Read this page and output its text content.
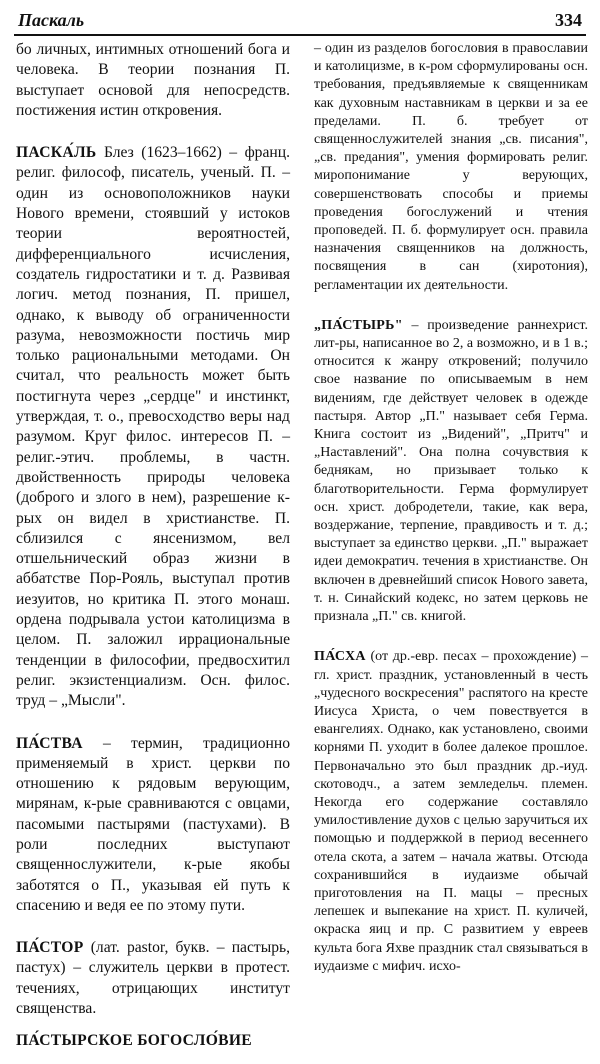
Паскаль	334

бо личных, интимных отношений бога и человека. В теории познания П. выступает основой для непосредств. постижения истин откровения.

ПАСКА́ЛЬ Блез (1623–1662) – франц. религ. философ, писатель, ученый. П. – один из основоположников науки Нового времени, стоявший у истоков теории вероятностей, дифференциального исчисления, создатель гидростатики и т. д. Развивая логич. метод познания, П. пришел, однако, к выводу об ограниченности разума, невозможности постичь мир только рациональными методами. Он считал, что реальность может быть постигнута через „сердце" и инстинкт, утверждая, т. о., превосходство веры над разумом. Круг филос. интересов П. – религ.-этич. проблемы, в частн. двойственность природы человека (доброго и злого в нем), разрешение к-рых он видел в христианстве. П. сблизился с янсенизмом, вел отшельнический образ жизни в аббатстве Пор-Рояль, выступал против иезуитов, но критика П. этого монаш. ордена подрывала устои католицизма в целом. П. заложил иррациональные тенденции в философии, предвосхитил религ. экзистенциализм. Осн. филос. труд – „Мысли".

ПА́СТВА – термин, традиционно применяемый в христ. церкви по отношению к рядовым верующим, мирянам, к-рые сравниваются с овцами, пасомыми пастырями (пастухами). В роли последних выступают священнослужители, к-рые якобы заботятся о П., указывая ей путь к спасению и ведя ее по этому пути.

ПА́СТОР (лат. pastor, букв. – пастырь, пастух) – служитель церкви в протест. течениях, отрицающих институт священства.

ПА́СТЫРСКОЕ БОГОСЛО́ВИЕ

– один из разделов богословия в православии и католицизме, в к-ром сформулированы осн. требования, предъявляемые к священникам как духовным наставникам в церкви и за ее пределами. П. б. требует от священнослужителей знания „св. писания", „св. предания", умения формировать религ. миропонимание у верующих, совершенствовать способы и приемы проведения богослужений и чтения проповедей. П. б. формулирует осн. правила назначения священников на должность, посвящения в сан (хиротония), регламентации их деятельности.

„ПА́СТЫРЬ" – произведение раннехрист. лит-ры, написанное во 2, а возможно, и в 1 в.; относится к жанру откровений; получило свое название по описываемым в нем видениям, где действует человек в одежде пастыря. Автор „П." называет себя Герма. Книга состоит из „Видений", „Притч" и „Наставлений". Она полна сочувствия к беднякам, но призывает только к благотворительности. Герма формулирует осн. христ. добродетели, такие, как вера, воздержание, терпение, правдивость и т. д.; выступает за единство церкви. „П." выражает идеи демократич. течения в христианстве. Он включен в древнейший список Нового завета, т. н. Синайский кодекс, но затем церковь не признала „П." св. книгой.

ПА́СХА (от др.-евр. песах – прохождение) – гл. христ. праздник, установленный в честь „чудесного воскресения" распятого на кресте Иисуса Христа, о чем повествуется в евангелиях. Однако, как установлено, своими корнями П. уходит в более далекое прошлое. Первоначально это был праздник др.-иуд. скотоводч., а затем земледельч. племен. Некогда его содержание составляло умилостивление духов с целью заручиться их помощью и поддержкой в период весеннего отела скота, а затем – начала жатвы. Отсюда сохранившийся в иудаизме обычай приготовления на П. мацы – пресных лепешек и выпекание на христ. П. куличей, окраска яиц и пр. С развитием у евреев культа бога Яхве праздник стал связываться в иудаизме с мифич. исхо-
